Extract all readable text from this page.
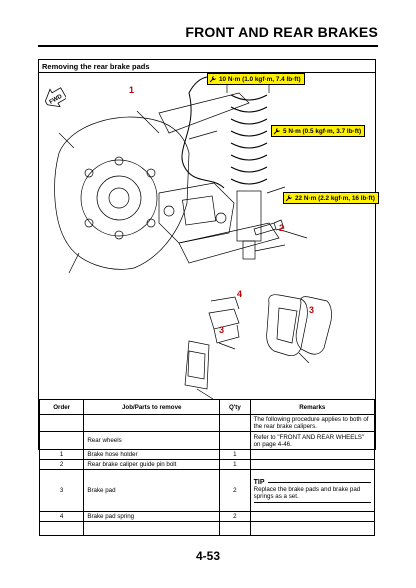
FRONT AND REAR BRAKES
Removing the rear brake pads
FWD
10 N·m (1.0 kgf·m, 7.4 lb·ft)
5 N·m (0.5 kgf·m, 3.7 lb·ft)
22 N·m (2.2 kgf·m, 16 lb·ft)
1
2
3
3
4
Order	Job/Parts to remove	Q'ty	Remarks
			The following procedure applies to both of the rear brake calipers.
	Rear wheels		Refer to "FRONT AND REAR WHEELS" on page 4-46.
1	Brake hose holder	1	
2	Rear brake caliper guide pin bolt	1	
3	Brake pad	2	TIP
Replace the brake pads and brake pad springs as a set.

4	Brake pad spring	2	

4-53
